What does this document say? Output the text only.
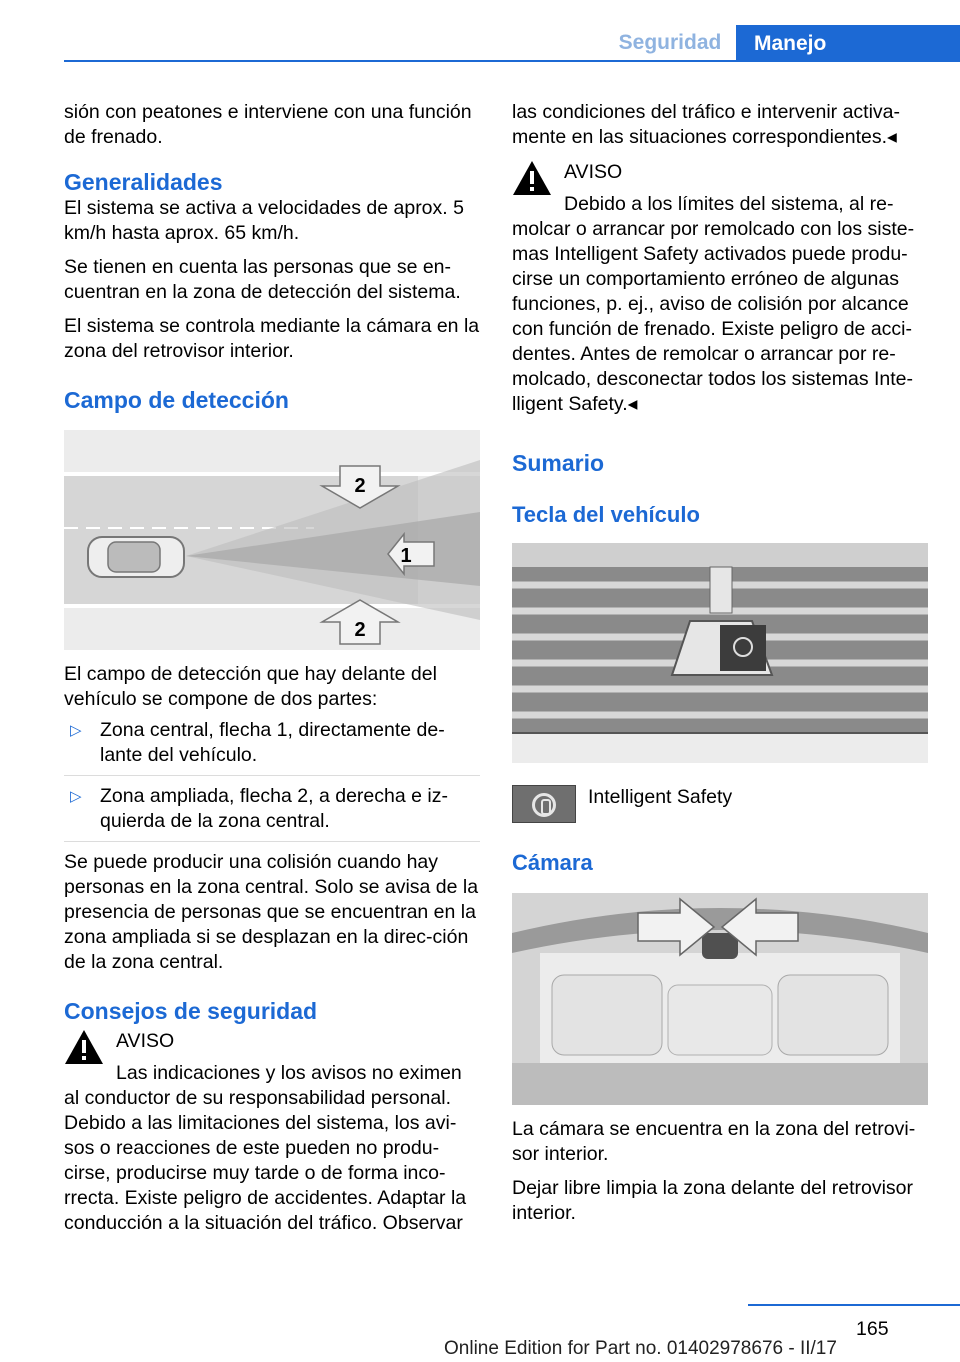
Seguridad	Manejo

sión con peatones e interviene con una función de frenado.

Generalidades

El sistema se activa a velocidades de aprox. 5 km/h hasta aprox. 65 km/h.

Se tienen en cuenta las personas que se en‐cuentran en la zona de detección del sistema.

El sistema se controla mediante la cámara en la zona del retrovisor interior.

Campo de detección
2
1
2

El campo de detección que hay delante del vehículo se compone de dos partes:

▷ Zona central, flecha 1, directamente de‐lante del vehículo.
▷ Zona ampliada, flecha 2, a derecha e iz‐quierda de la zona central.

Se puede producir una colisión cuando hay personas en la zona central. Solo se avisa de la presencia de personas que se encuentran en la zona ampliada si se desplazan en la direc‐ción de la zona central.

Consejos de seguridad
AVISO

Las indicaciones y los avisos no eximen al conductor de su responsabilidad personal. Debido a las limitaciones del sistema, los avi‐sos o reacciones de este pueden no produ‐cirse, producirse muy tarde o de forma inco‐rrecta. Existe peligro de accidentes. Adaptar la conducción a la situación del tráfico. Observar

las condiciones del tráfico e intervenir activa‐mente en las situaciones correspondientes.◂

AVISO

Debido a los límites del sistema, al re‐molcar o arrancar por remolcado con los siste‐mas Intelligent Safety activados puede produ‐cirse un comportamiento erróneo de algunas funciones, p. ej., aviso de colisión por alcance con función de frenado. Existe peligro de acci‐dentes. Antes de remolcar o arrancar por re‐molcado, desconectar todos los sistemas Inte‐lligent Safety.◂

Sumario
Tecla del vehículo
Intelligent Safety
Cámara

La cámara se encuentra en la zona del retrovi‐sor interior.

Dejar libre limpia la zona delante del retrovisor interior.

165
Online Edition for Part no. 01402978676 - II/17
